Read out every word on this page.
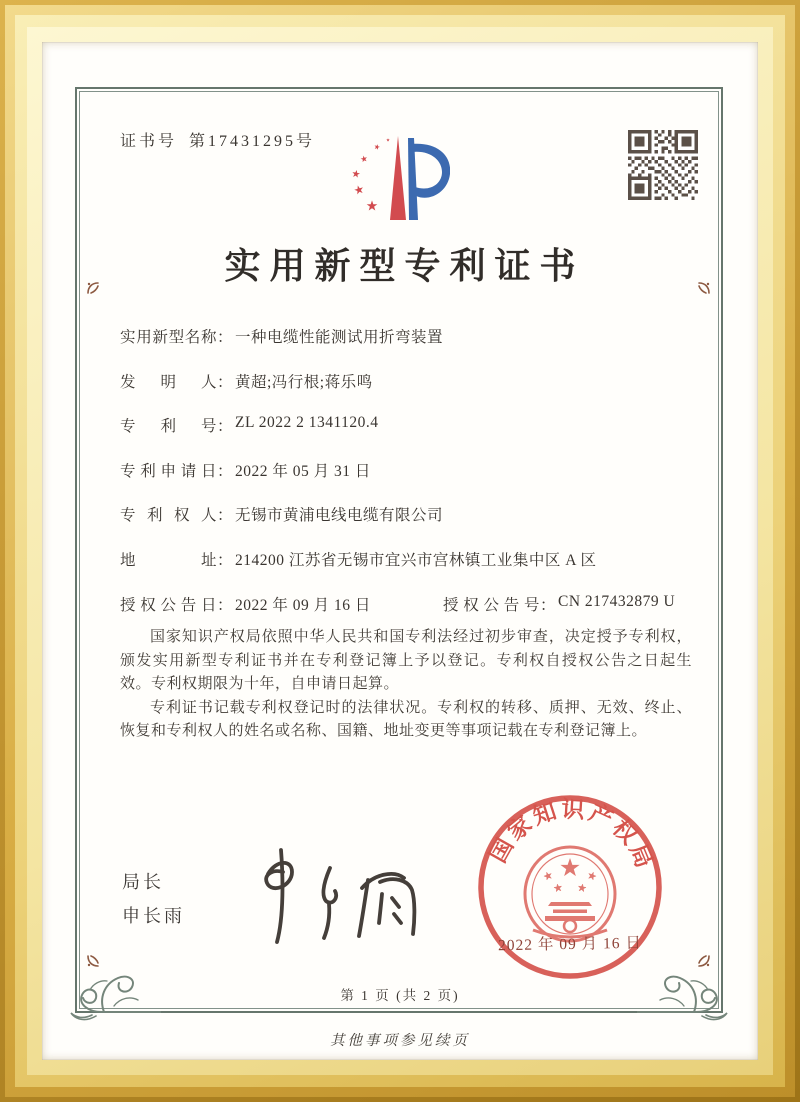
证书号 第17431295号
实用新型专利证书
实用新型名称 ： 一种电缆性能测试用折弯装置
发明人 ： 黄超;冯行根;蒋乐鸣
专利号 ： ZL 2022 2 1341120.4
专利申请日 ： 2022 年 05 月 31 日
专利权人 ： 无锡市黄浦电线电缆有限公司
地址 ： 214200 江苏省无锡市宜兴市宫林镇工业集中区 A 区
授权公告日 ： 2022 年 09 月 16 日	授权公告号 ： CN 217432879 U

国家知识产权局依照中华人民共和国专利法经过初步审查，决定授予专利权，颁发实用新型专利证书并在专利登记簿上予以登记。专利权自授权公告之日起生效。专利权期限为十年，自申请日起算。

专利证书记载专利权登记时的法律状况。专利权的转移、质押、无效、终止、恢复和专利权人的姓名或名称、国籍、地址变更等事项记载在专利登记簿上。

局长
申长雨
国家知识产权局
2022 年 09 月 16 日
第 1 页 (共 2 页)
其他事项参见续页
